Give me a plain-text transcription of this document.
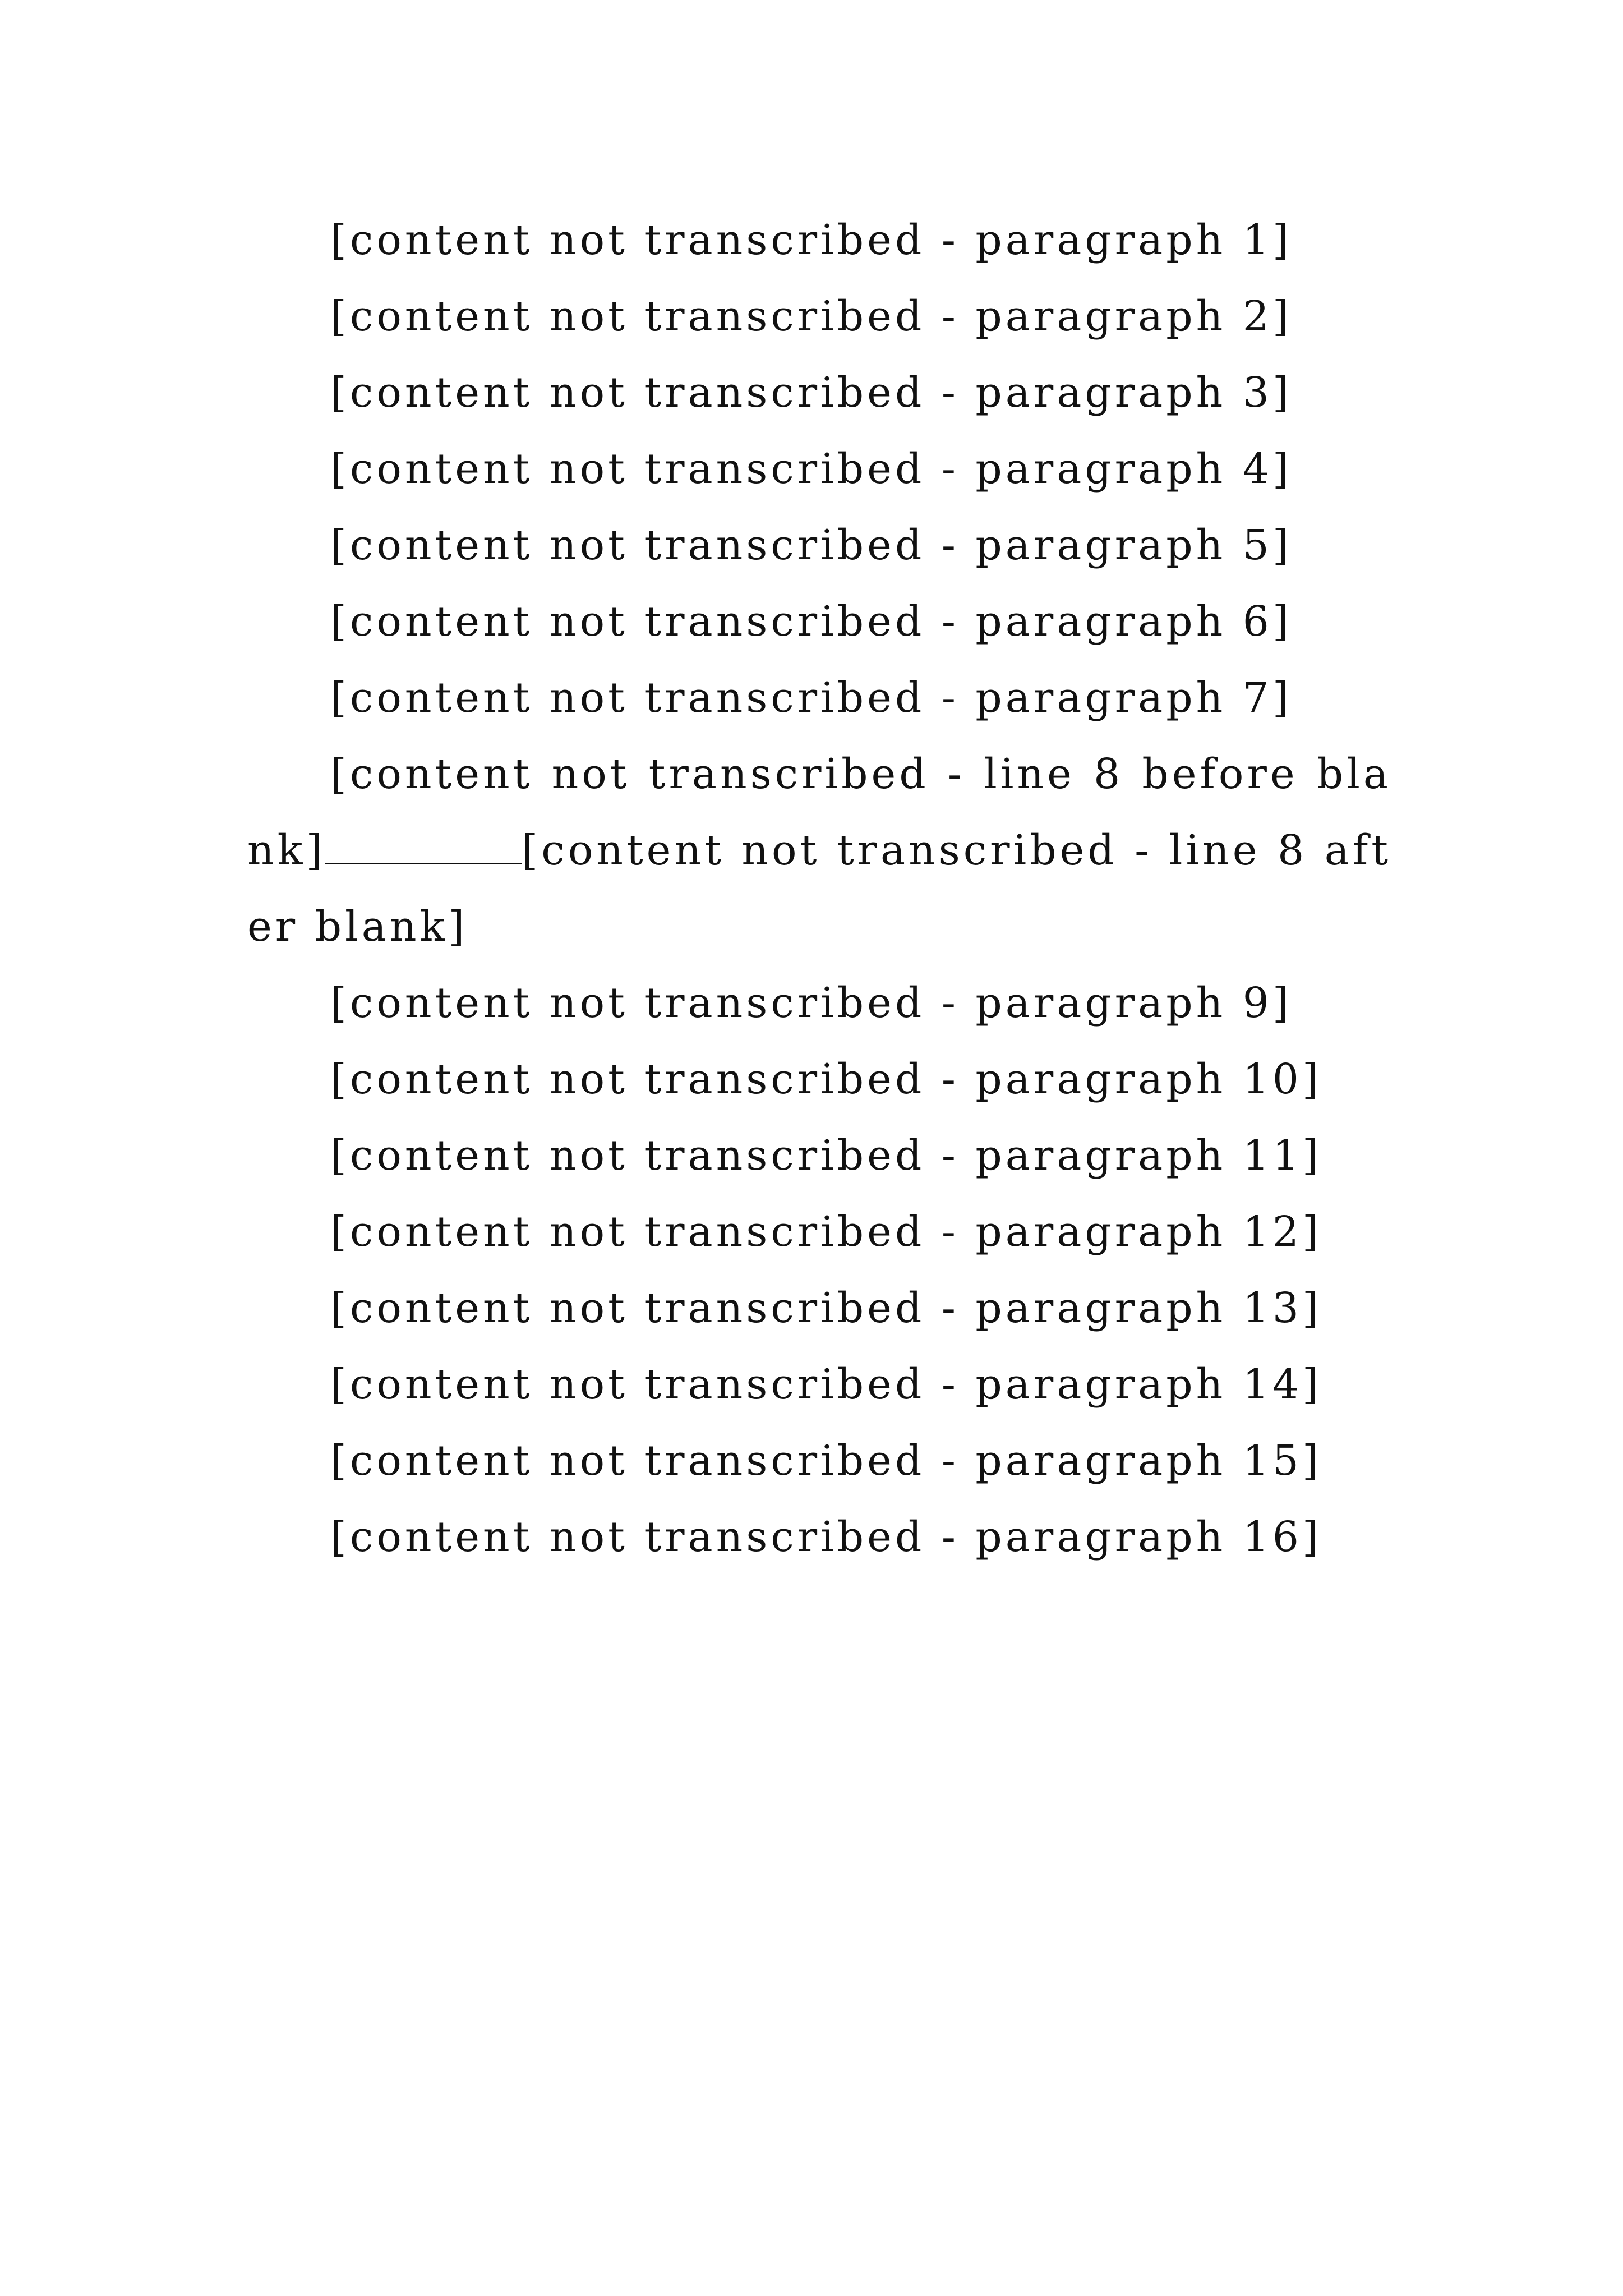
[content not transcribed - paragraph 1]

[content not transcribed - paragraph 2]

[content not transcribed - paragraph 3]

[content not transcribed - paragraph 4]

[content not transcribed - paragraph 5]

[content not transcribed - paragraph 6]

[content not transcribed - paragraph 7]

[content not transcribed - line 8 before blank]	[content not transcribed - line 8 after blank]

[content not transcribed - paragraph 9]

[content not transcribed - paragraph 10]

[content not transcribed - paragraph 11]

[content not transcribed - paragraph 12]

[content not transcribed - paragraph 13]

[content not transcribed - paragraph 14]

[content not transcribed - paragraph 15]

[content not transcribed - paragraph 16]
